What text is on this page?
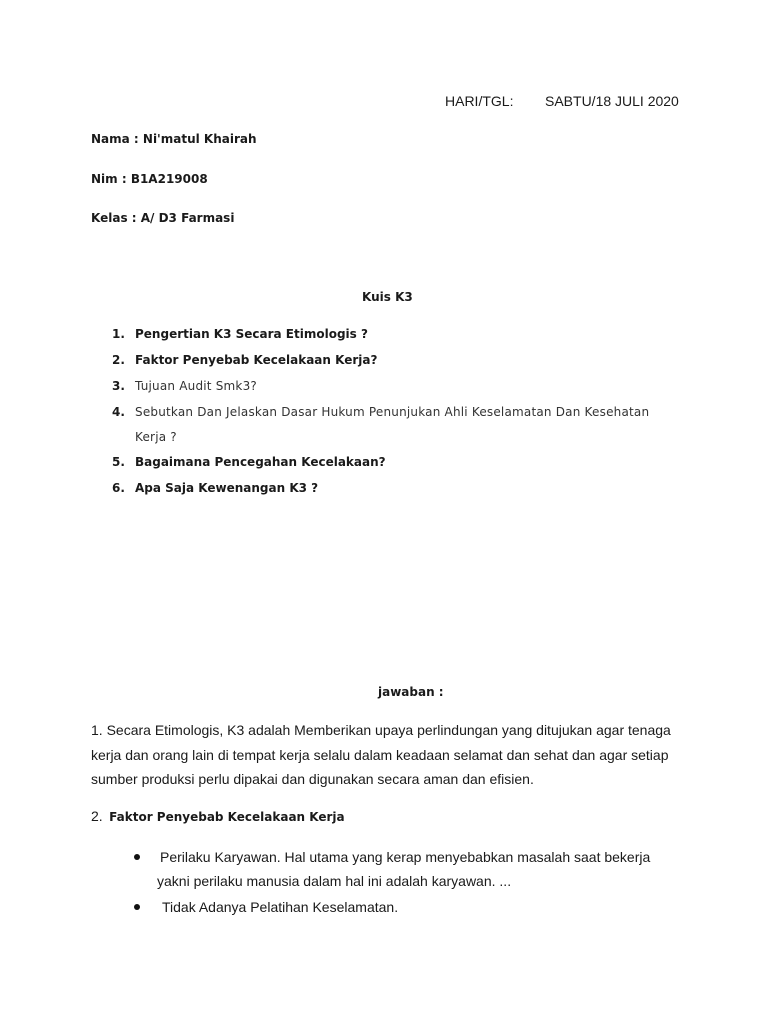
HARI/TGL: SABTU/18 JULI 2020
Nama : Ni'matul Khairah
Nim : B1A219008
Kelas : A/ D3 Farmasi
Kuis K3
1. Pengertian K3 Secara Etimologis ?
2. Faktor Penyebab Kecelakaan Kerja?
3. Tujuan Audit Smk3?
4. Sebutkan Dan Jelaskan Dasar Hukum Penunjukan Ahli Keselamatan Dan Kesehatan
Kerja ?
5. Bagaimana Pencegahan Kecelakaan?
6. Apa Saja Kewenangan K3 ?
jawaban :
1. Secara Etimologis, K3 adalah Memberikan upaya perlindungan yang ditujukan agar tenaga
kerja dan orang lain di tempat kerja selalu dalam keadaan selamat dan sehat dan agar setiap
sumber produksi perlu dipakai dan digunakan secara aman dan efisien.
2. Faktor Penyebab Kecelakaan Kerja
Perilaku Karyawan. Hal utama yang kerap menyebabkan masalah saat bekerja
yakni perilaku manusia dalam hal ini adalah karyawan. ...
Tidak Adanya Pelatihan Keselamatan.
